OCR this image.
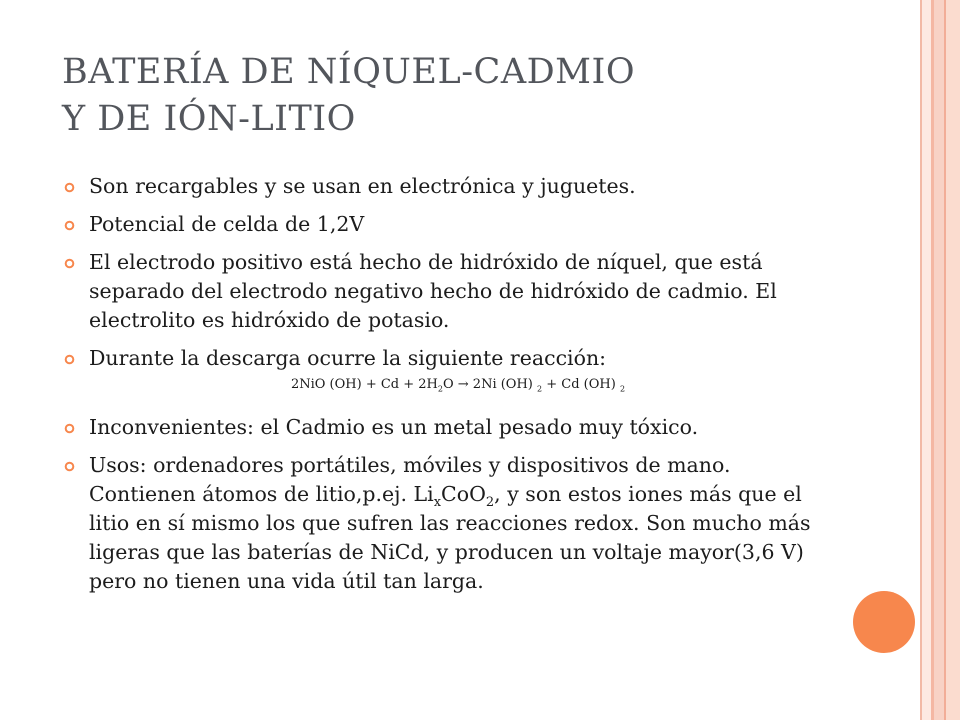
BATERÍA DE NÍQUEL-CADMIO
Y DE IÓN-LITIO
Son recargables y se usan en electrónica y juguetes.
Potencial de celda de 1,2V
El electrodo positivo está hecho de hidróxido de níquel, que está separado del electrodo negativo hecho de hidróxido de cadmio. El electrolito es hidróxido de potasio.
Durante la descarga ocurre la siguiente reacción:
2NiO $(OH) + Cd + 2H_2O \to 2Ni$ (OH) $_2$ + Cd (OH) $_2$
Inconvenientes: el Cadmio es un metal pesado muy tóxico.
Usos: ordenadores portátiles, móviles y dispositivos de mano. Contienen átomos de litio,p.ej. $Li_xCoO_2$, y son estos iones más que el litio en sí mismo los que sufren las reacciones redox. Son mucho más ligeras que las baterías de NiCd, y producen un voltaje mayor(3,6 V) pero no tienen una vida útil tan larga.
